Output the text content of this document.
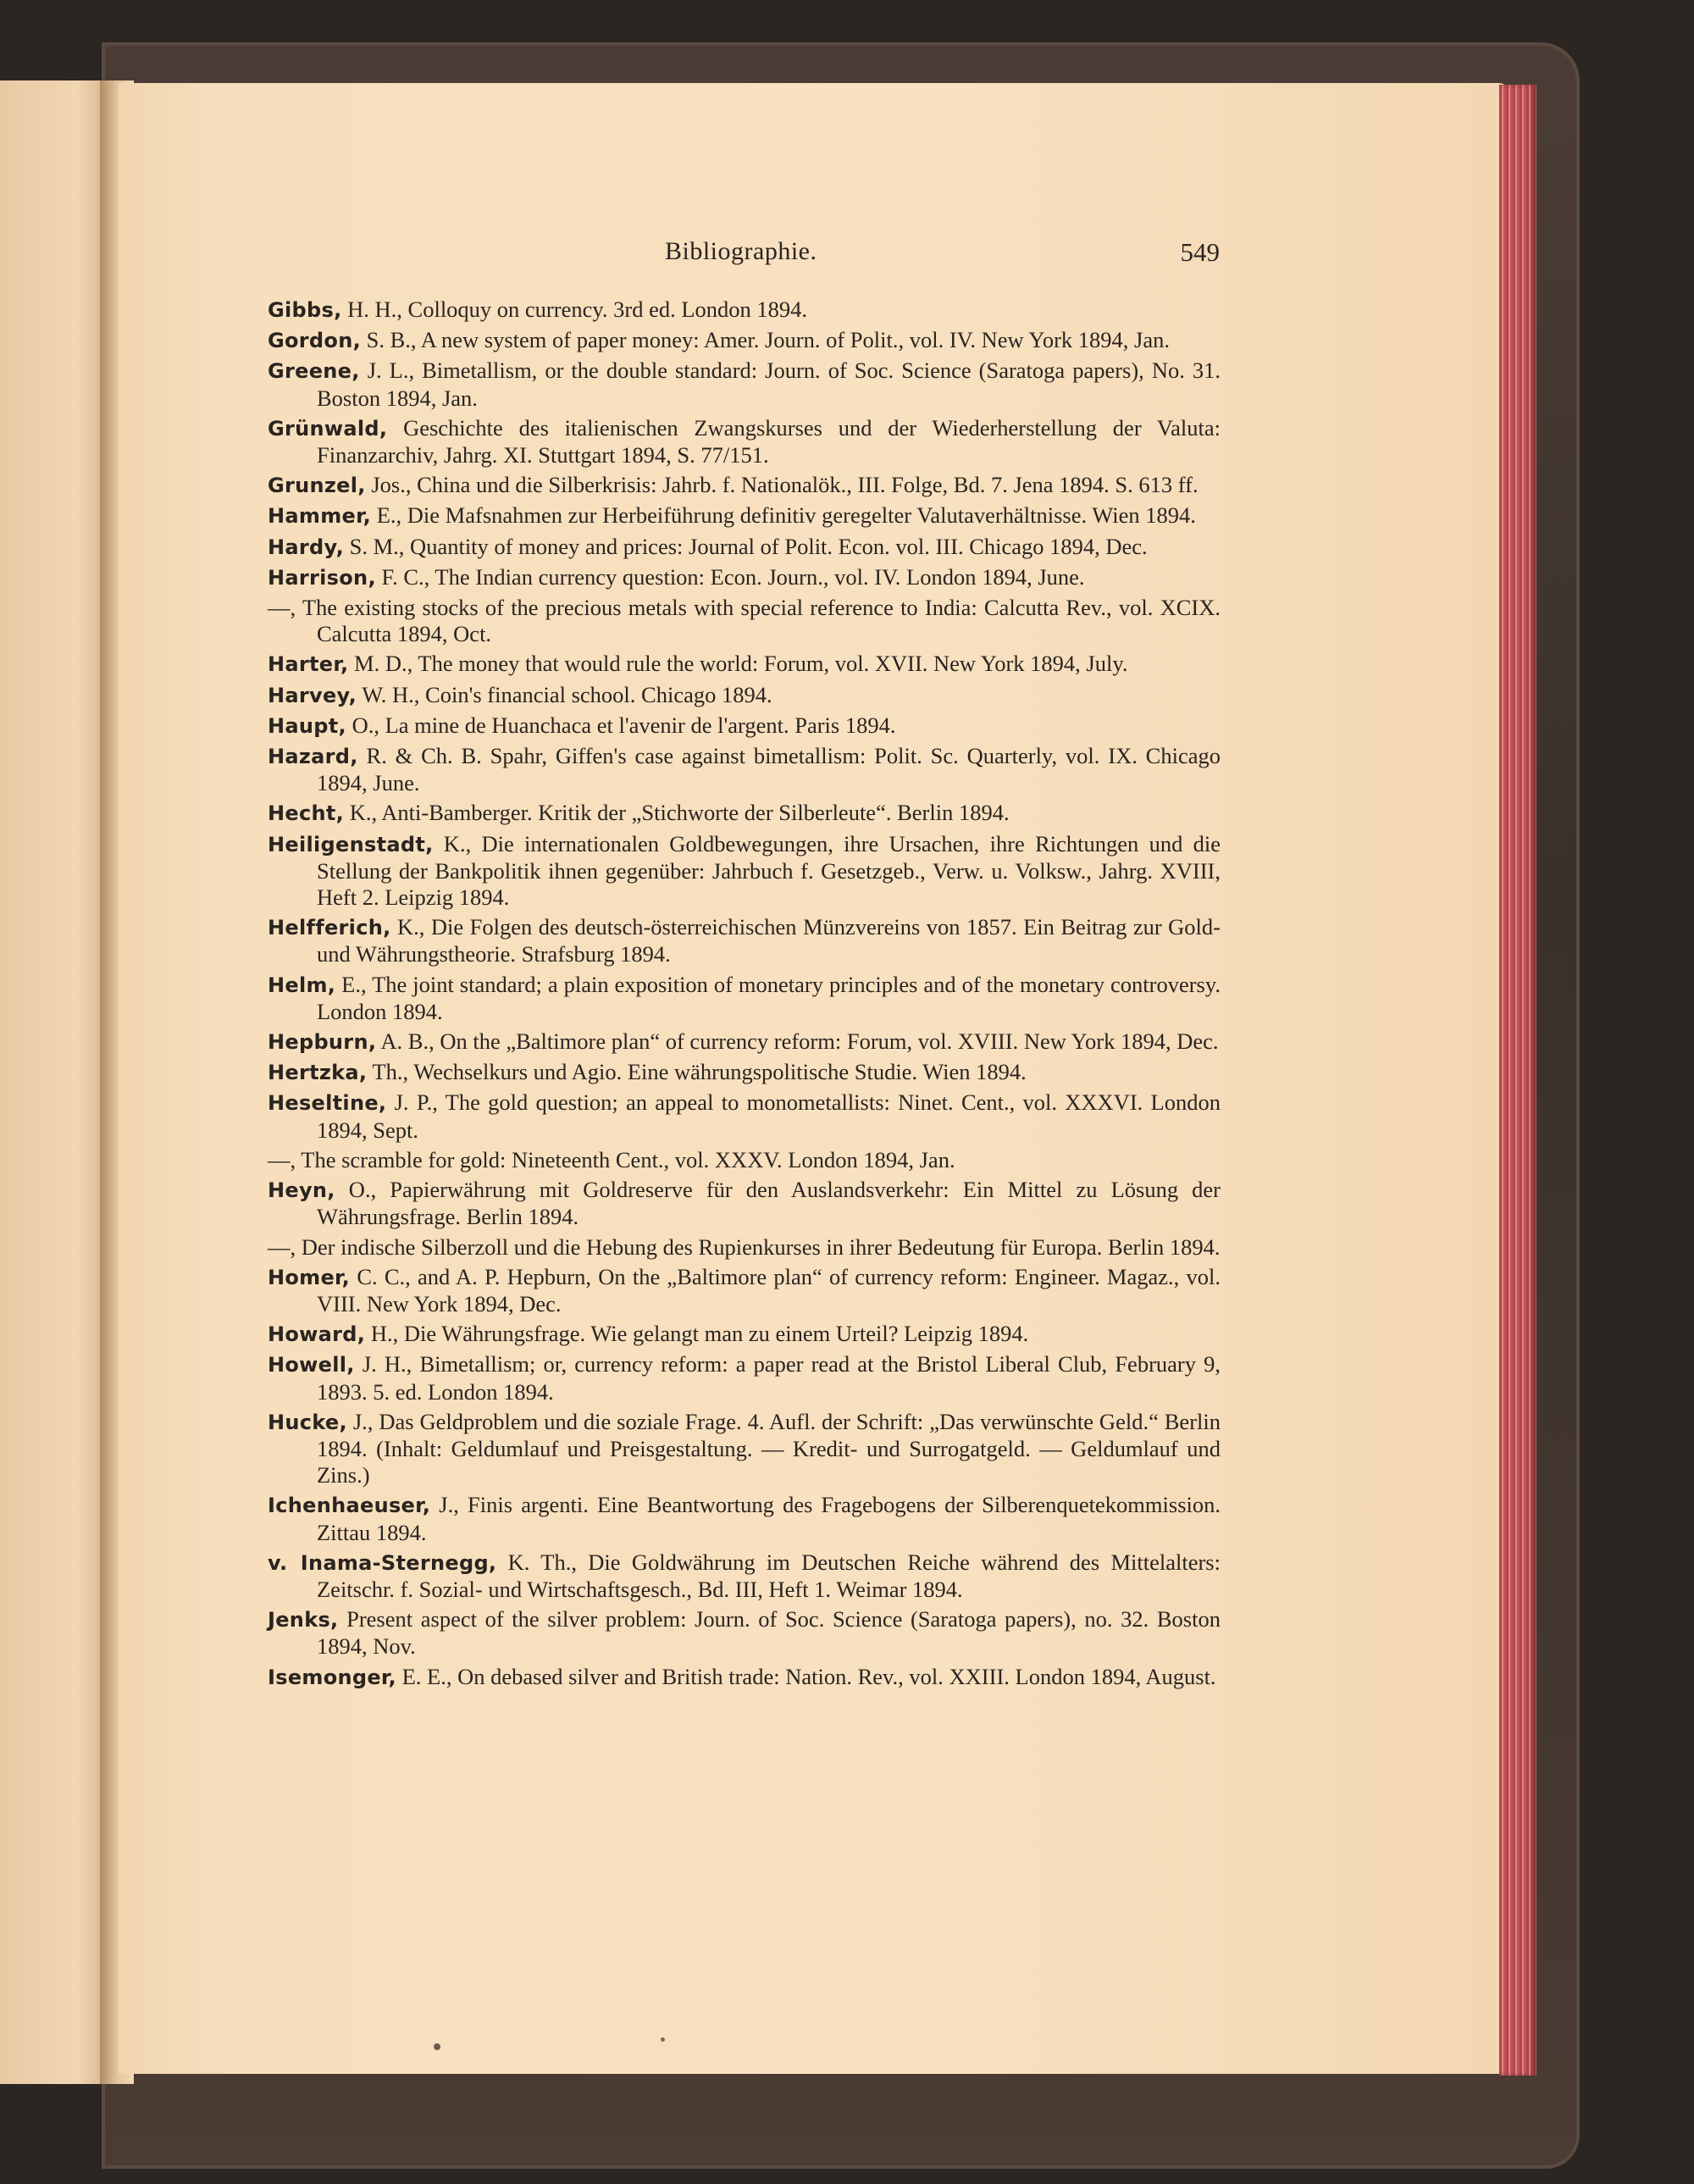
Bibliographie.	549

Gibbs, H. H., Colloquy on currency. 3rd ed. London 1894.

Gordon, S. B., A new system of paper money: Amer. Journ. of Polit., vol. IV. New York 1894, Jan.

Greene, J. L., Bimetallism, or the double standard: Journ. of Soc. Science (Saratoga papers), No. 31. Boston 1894, Jan.

Grünwald, Geschichte des italienischen Zwangskurses und der Wiederherstellung der Valuta: Finanzarchiv, Jahrg. XI. Stuttgart 1894, S. 77/151.

Grunzel, Jos., China und die Silberkrisis: Jahrb. f. Nationalök., III. Folge, Bd. 7. Jena 1894. S. 613 ff.

Hammer, E., Die Mafsnahmen zur Herbeiführung definitiv geregelter Valutaverhältnisse. Wien 1894.

Hardy, S. M., Quantity of money and prices: Journal of Polit. Econ. vol. III. Chicago 1894, Dec.

Harrison, F. C., The Indian currency question: Econ. Journ., vol. IV. London 1894, June.

—, The existing stocks of the precious metals with special reference to India: Calcutta Rev., vol. XCIX. Calcutta 1894, Oct.

Harter, M. D., The money that would rule the world: Forum, vol. XVII. New York 1894, July.

Harvey, W. H., Coin's financial school. Chicago 1894.

Haupt, O., La mine de Huanchaca et l'avenir de l'argent. Paris 1894.

Hazard, R. & Ch. B. Spahr, Giffen's case against bimetallism: Polit. Sc. Quarterly, vol. IX. Chicago 1894, June.

Hecht, K., Anti-Bamberger. Kritik der „Stichworte der Silberleute“. Berlin 1894.

Heiligenstadt, K., Die internationalen Goldbewegungen, ihre Ursachen, ihre Richtungen und die Stellung der Bankpolitik ihnen gegenüber: Jahrbuch f. Gesetzgeb., Verw. u. Volksw., Jahrg. XVIII, Heft 2. Leipzig 1894.

Helfferich, K., Die Folgen des deutsch-österreichischen Münzvereins von 1857. Ein Beitrag zur Gold- und Währungstheorie. Strafsburg 1894.

Helm, E., The joint standard; a plain exposition of monetary principles and of the monetary controversy. London 1894.

Hepburn, A. B., On the „Baltimore plan“ of currency reform: Forum, vol. XVIII. New York 1894, Dec.

Hertzka, Th., Wechselkurs und Agio. Eine währungspolitische Studie. Wien 1894.

Heseltine, J. P., The gold question; an appeal to monometallists: Ninet. Cent., vol. XXXVI. London 1894, Sept.

—, The scramble for gold: Nineteenth Cent., vol. XXXV. London 1894, Jan.

Heyn, O., Papierwährung mit Goldreserve für den Auslandsverkehr: Ein Mittel zu Lösung der Währungsfrage. Berlin 1894.

—, Der indische Silberzoll und die Hebung des Rupienkurses in ihrer Bedeutung für Europa. Berlin 1894.

Homer, C. C., and A. P. Hepburn, On the „Baltimore plan“ of currency reform: Engineer. Magaz., vol. VIII. New York 1894, Dec.

Howard, H., Die Währungsfrage. Wie gelangt man zu einem Urteil? Leipzig 1894.

Howell, J. H., Bimetallism; or, currency reform: a paper read at the Bristol Liberal Club, February 9, 1893. 5. ed. London 1894.

Hucke, J., Das Geldproblem und die soziale Frage. 4. Aufl. der Schrift: „Das verwünschte Geld.“ Berlin 1894. (Inhalt: Geldumlauf und Preisgestaltung. — Kredit- und Surrogatgeld. — Geldumlauf und Zins.)

Ichenhaeuser, J., Finis argenti. Eine Beantwortung des Fragebogens der Silberenquetekommission. Zittau 1894.

v. Inama-Sternegg, K. Th., Die Goldwährung im Deutschen Reiche während des Mittelalters: Zeitschr. f. Sozial- und Wirtschaftsgesch., Bd. III, Heft 1. Weimar 1894.

Jenks, Present aspect of the silver problem: Journ. of Soc. Science (Saratoga papers), no. 32. Boston 1894, Nov.

Isemonger, E. E., On debased silver and British trade: Nation. Rev., vol. XXIII. London 1894, August.
